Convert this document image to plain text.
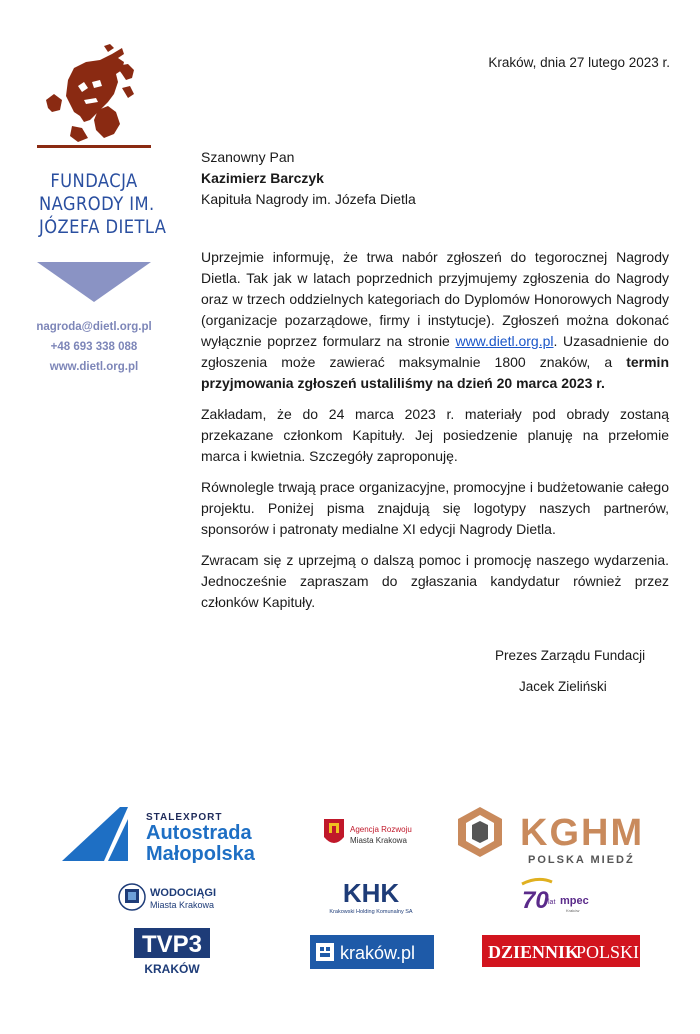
Kraków, dnia 27 lutego 2023 r.
FUNDACJA
NAGRODY IM.
JÓZEFA DIETLA
nagroda@dietl.org.pl
+48 693 338 088
www.dietl.org.pl
Szanowny Pan
Kazimierz Barczyk
Kapituła Nagrody im. Józefa Dietla

Uprzejmie informuję, że trwa nabór zgłoszeń do tegorocznej Nagrody Dietla. Tak jak w latach poprzednich przyjmujemy zgłoszenia do Nagrody oraz w trzech oddzielnych kategoriach do Dyplomów Honorowych Nagrody (organizacje pozarządowe, firmy i instytucje). Zgłoszeń można dokonać wyłącznie poprzez formularz na stronie www.dietl.org.pl. Uzasadnienie do zgłoszenia może zawierać maksymalnie 1800 znaków, a termin przyjmowania zgłoszeń ustaliliśmy na dzień 20 marca 2023 r.

Zakładam, że do 24 marca 2023 r. materiały pod obrady zostaną przekazane członkom Kapituły. Jej posiedzenie planuję na przełomie marca i kwietnia. Szczegóły zaproponuję.

Równolegle trwają prace organizacyjne, promocyjne i budżetowanie całego projektu. Poniżej pisma znajdują się logotypy naszych partnerów, sponsorów i patronaty medialne XI edycji Nagrody Dietla.

Zwracam się z uprzejmą o dalszą pomoc i promocję naszego wydarzenia. Jednocześnie zapraszam do zgłaszania kandydatur również przez członków Kapituły.

Prezes Zarządu Fundacji
Jacek Zieliński
STALEXPORT
Autostrada
Małopolska
Agencja Rozwoju
Miasta Krakowa	KGHM
POLSKA MIEDŹ
WODOCIĄGI
Miasta Krakowa	KHK
Krakowski Holding Komunalny SA	70 lat mpec
Kraków
TVP3
KRAKÓW
kraków.pl	DZIENNIK
POLSKI
